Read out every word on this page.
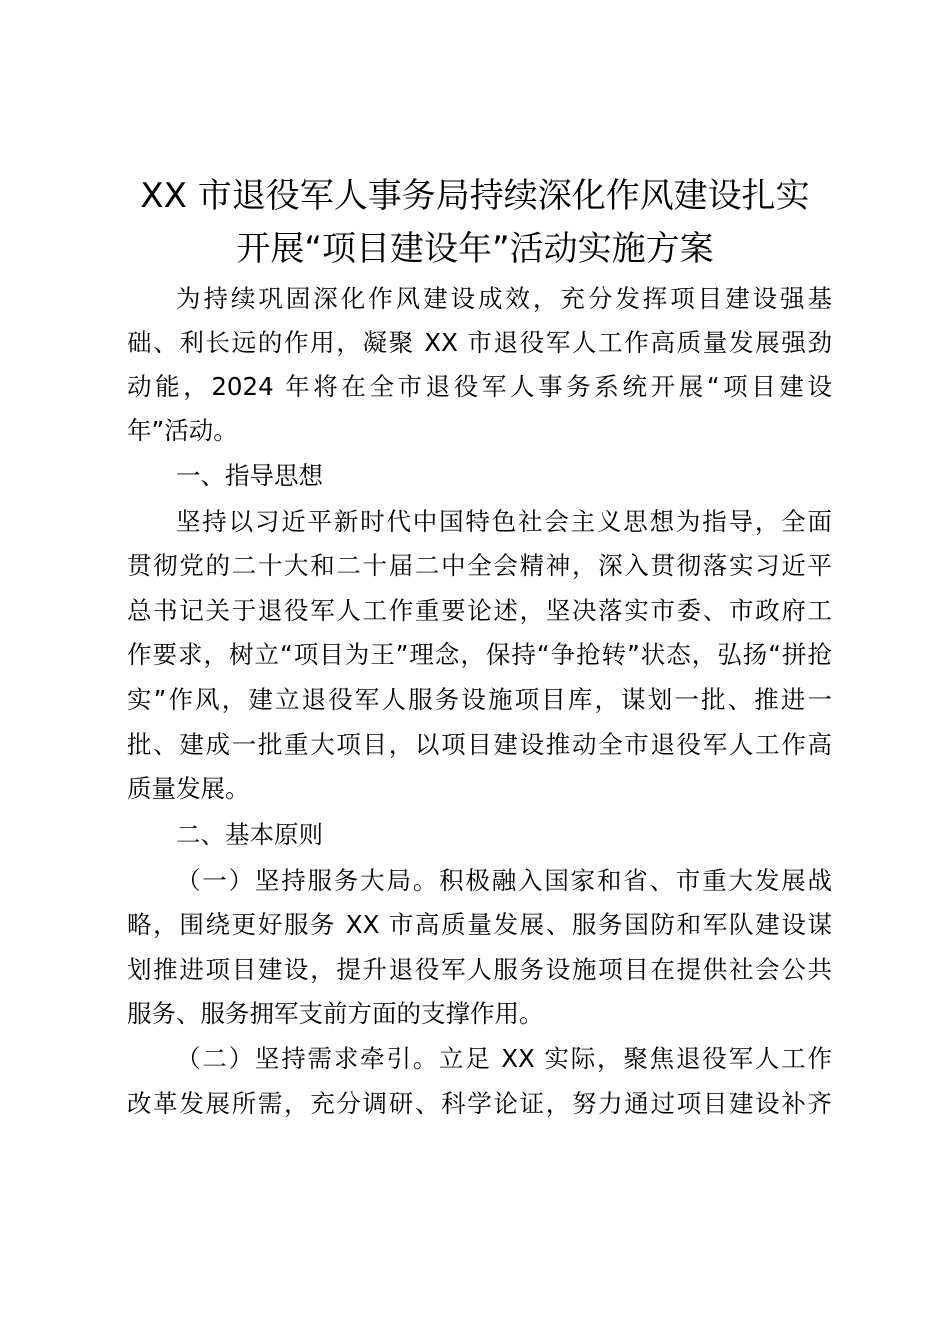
XX 市退役军人事务局持续深化作风建设扎实
开展“项目建设年”活动实施方案
为持续巩固深化作风建设成效，充分发挥项目建设强基
础、利长远的作用，凝聚 XX 市退役军人工作高质量发展强劲
动能，2024 年将在全市退役军人事务系统开展“项目建设
年”活动。
一、指导思想
坚持以习近平新时代中国特色社会主义思想为指导，全面
贯彻党的二十大和二十届二中全会精神，深入贯彻落实习近平
总书记关于退役军人工作重要论述，坚决落实市委、市政府工
作要求，树立“项目为王”理念，保持“争抢转”状态，弘扬“拼抢
实”作风，建立退役军人服务设施项目库，谋划一批、推进一
批、建成一批重大项目，以项目建设推动全市退役军人工作高
质量发展。
二、基本原则
（一）坚持服务大局。积极融入国家和省、市重大发展战
略，围绕更好服务 XX 市高质量发展、服务国防和军队建设谋
划推进项目建设，提升退役军人服务设施项目在提供社会公共
服务、服务拥军支前方面的支撑作用。
（二）坚持需求牵引。立足 XX 实际，聚焦退役军人工作
改革发展所需，充分调研、科学论证，努力通过项目建设补齐
